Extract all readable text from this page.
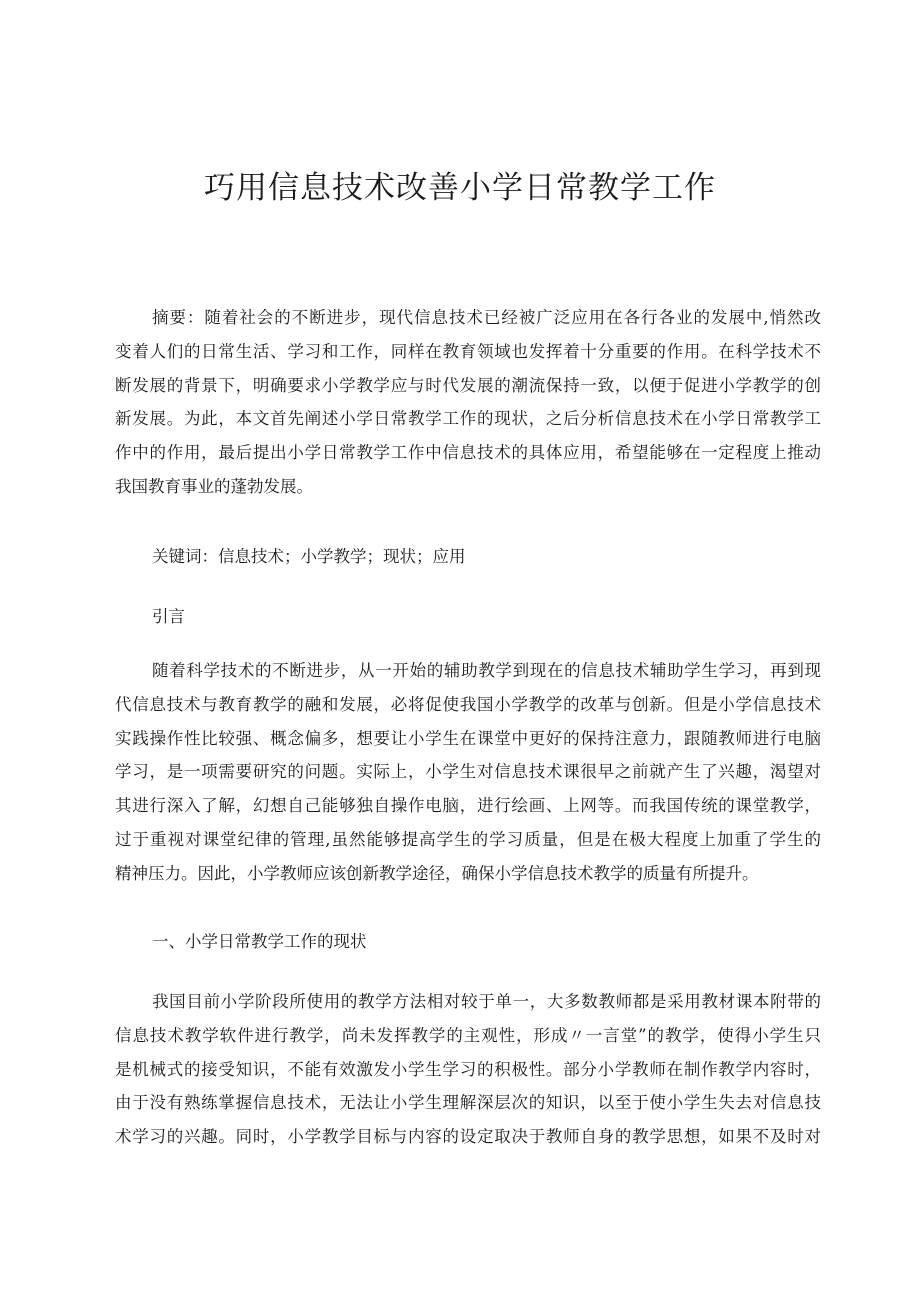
巧用信息技术改善小学日常教学工作
摘要：随着社会的不断进步，现代信息技术已经被广泛应用在各行各业的发展中,悄然改
变着人们的日常生活、学习和工作，同样在教育领域也发挥着十分重要的作用。在科学技术不
断发展的背景下，明确要求小学教学应与时代发展的潮流保持一致，以便于促进小学教学的创
新发展。为此，本文首先阐述小学日常教学工作的现状，之后分析信息技术在小学日常教学工
作中的作用，最后提出小学日常教学工作中信息技术的具体应用，希望能够在一定程度上推动
我国教育事业的蓬勃发展。
关键词：信息技术；小学教学；现状；应用
引言
随着科学技术的不断进步，从一开始的辅助教学到现在的信息技术辅助学生学习，再到现
代信息技术与教育教学的融和发展，必将促使我国小学教学的改革与创新。但是小学信息技术
实践操作性比较强、概念偏多，想要让小学生在课堂中更好的保持注意力，跟随教师进行电脑
学习，是一项需要研究的问题。实际上，小学生对信息技术课很早之前就产生了兴趣，渴望对
其进行深入了解，幻想自己能够独自操作电脑，进行绘画、上网等。而我国传统的课堂教学，
过于重视对课堂纪律的管理,虽然能够提高学生的学习质量，但是在极大程度上加重了学生的
精神压力。因此，小学教师应该创新教学途径，确保小学信息技术教学的质量有所提升。
一、小学日常教学工作的现状
我国目前小学阶段所使用的教学方法相对较于单一，大多数教师都是采用教材课本附带的
信息技术教学软件进行教学，尚未发挥教学的主观性，形成〃一言堂”的教学，使得小学生只
是机械式的接受知识，不能有效激发小学生学习的积极性。部分小学教师在制作教学内容时，
由于没有熟练掌握信息技术，无法让小学生理解深层次的知识，以至于使小学生失去对信息技
术学习的兴趣。同时，小学教学目标与内容的设定取决于教师自身的教学思想，如果不及时对
